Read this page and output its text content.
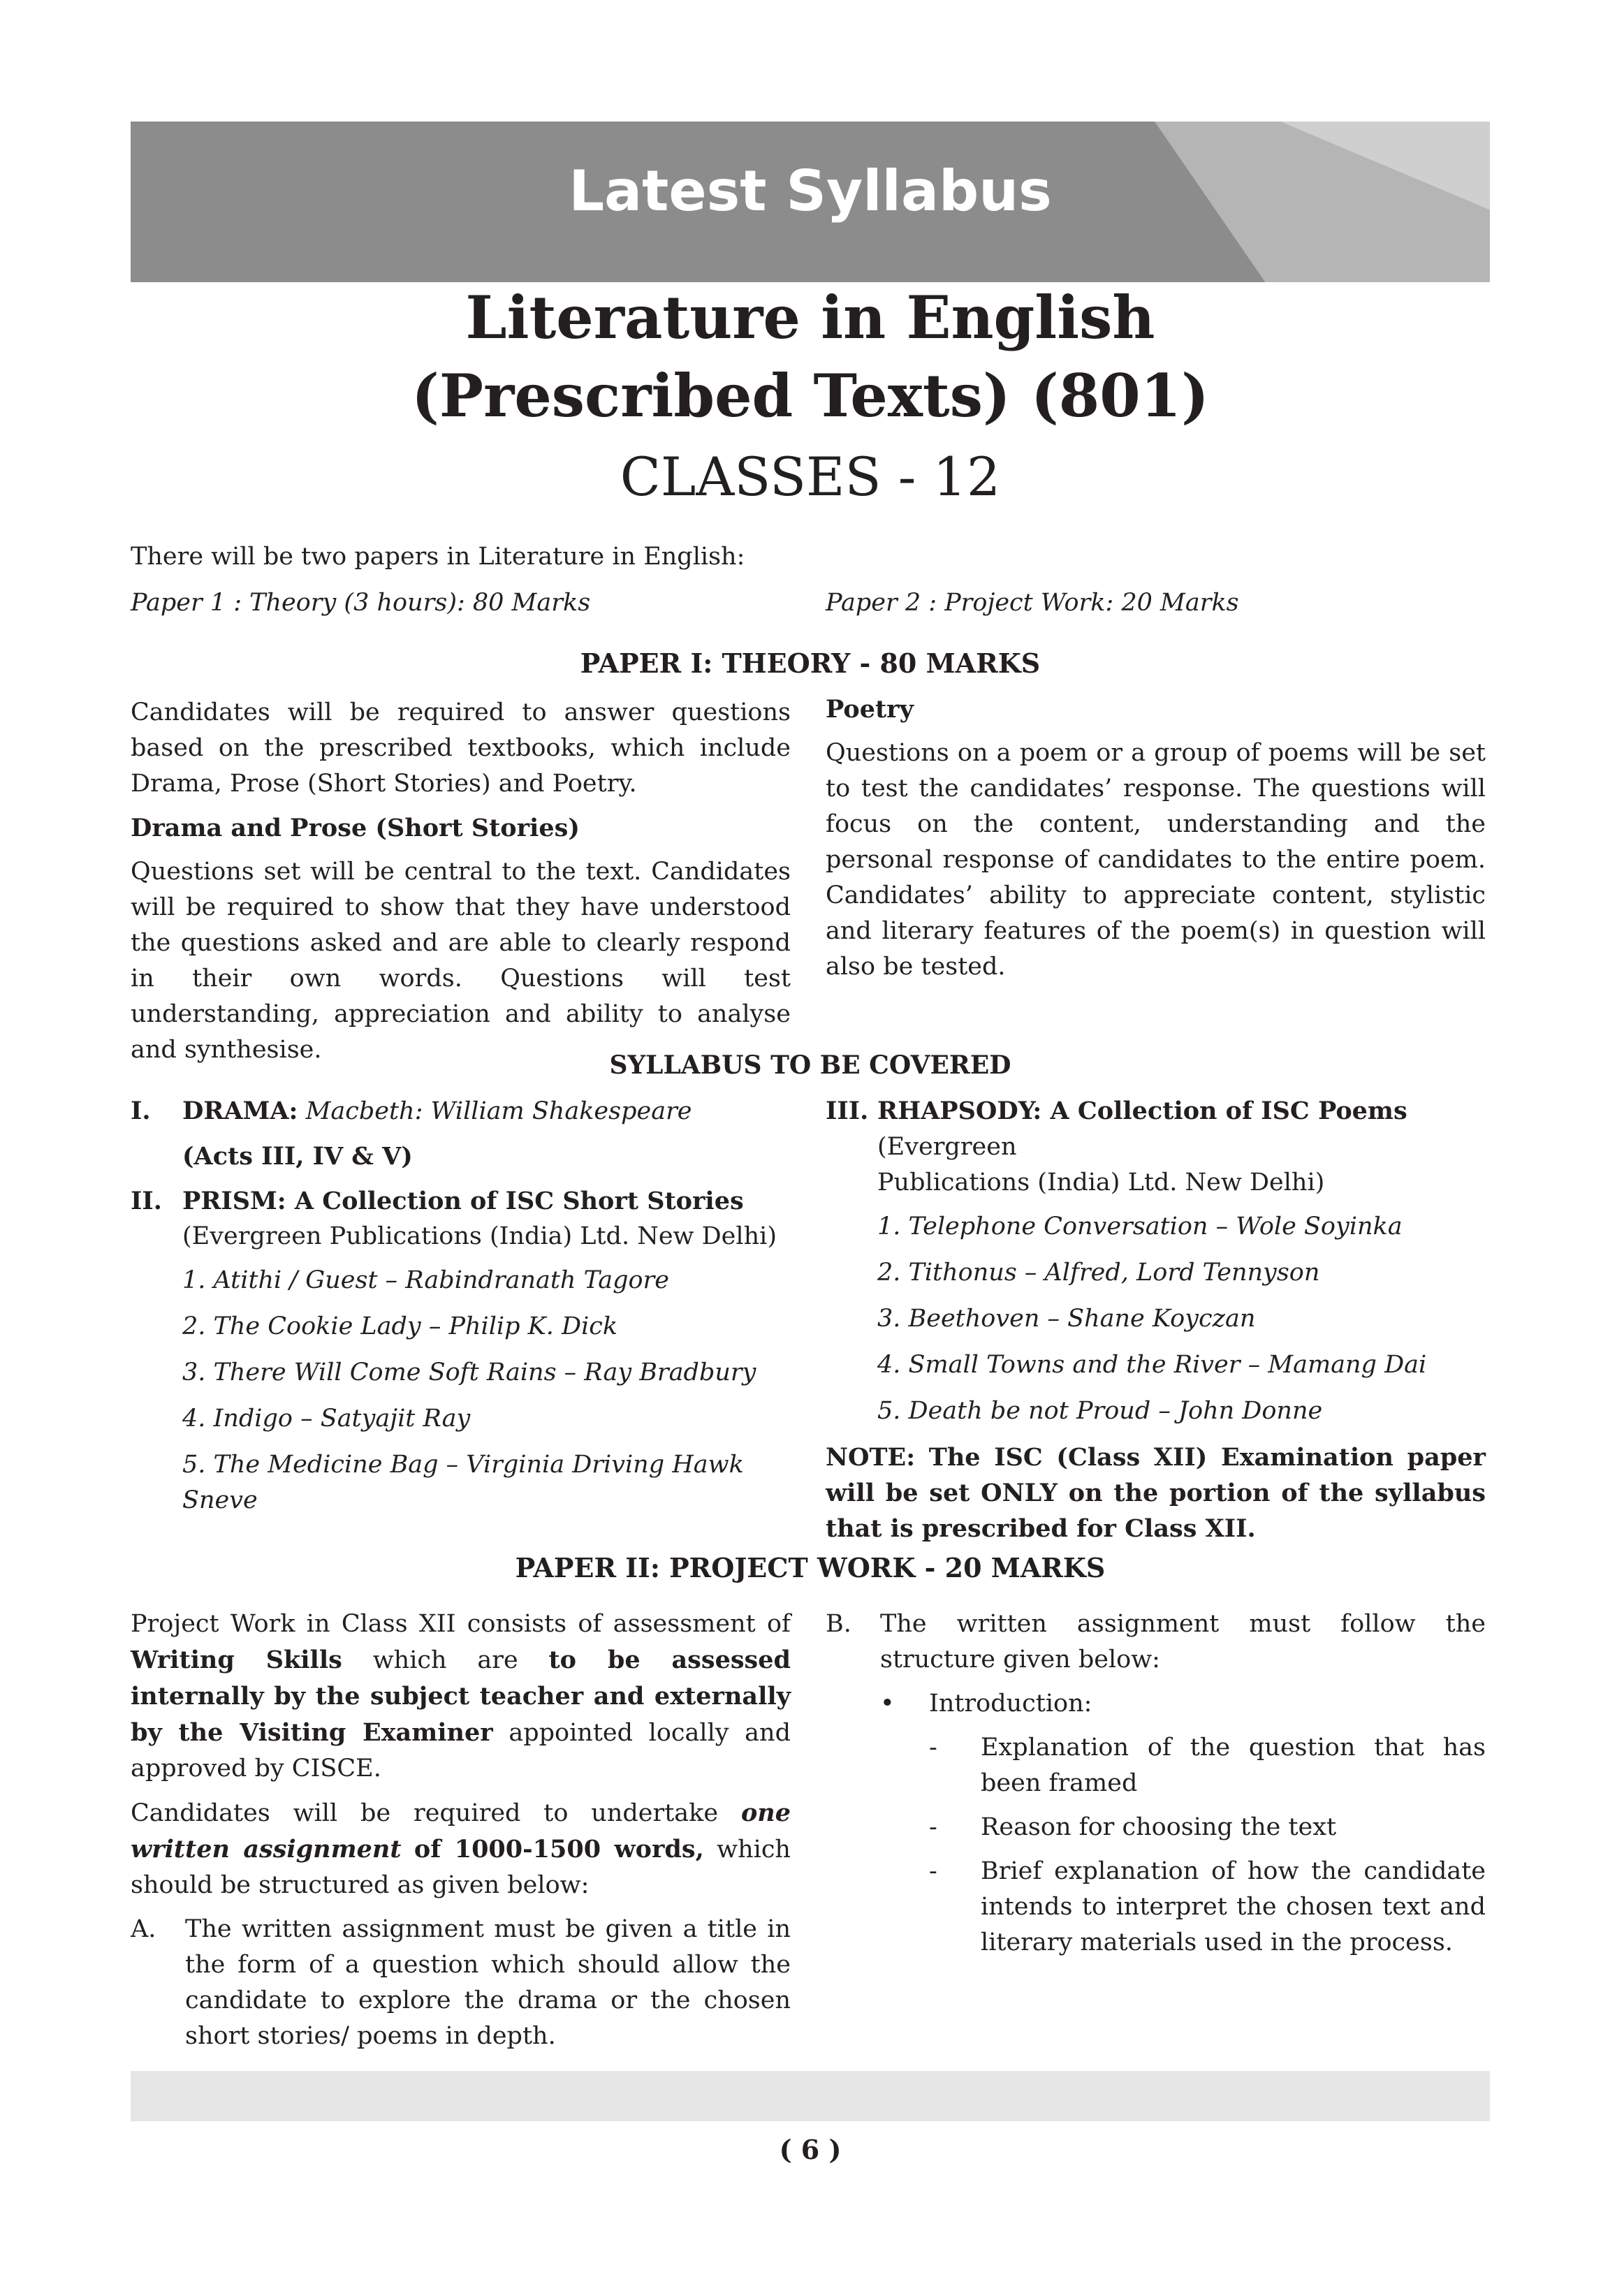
Latest Syllabus
Literature in English
(Prescribed Texts) (801)
CLASSES - 12
There will be two papers in Literature in English:
Paper 1 : Theory (3 hours): 80 Marks	Paper 2 : Project Work: 20 Marks
PAPER I: THEORY - 80 MARKS

Candidates will be required to answer questions based on the prescribed textbooks, which include Drama, Prose (Short Stories) and Poetry.

Drama and Prose (Short Stories)

Questions set will be central to the text. Candidates will be required to show that they have understood the questions asked and are able to clearly respond in their own words. Questions will test understanding, appreciation and ability to analyse and synthesise.

Poetry

Questions on a poem or a group of poems will be set to test the candidates’ response. The questions will focus on the content, understanding and the personal response of candidates to the entire poem. Candidates’ ability to appreciate content, stylistic and literary features of the poem(s) in question will also be tested.

SYLLABUS TO BE COVERED
I. DRAMA: Macbeth: William Shakespeare
(Acts III, IV & V)
II. PRISM: A Collection of ISC Short Stories
(Evergreen Publications (India) Ltd. New Delhi)
1. Atithi / Guest – Rabindranath Tagore
2. The Cookie Lady – Philip K. Dick
3. There Will Come Soft Rains – Ray Bradbury
4. Indigo – Satyajit Ray
5. The Medicine Bag – Virginia Driving Hawk Sneve
III. RHAPSODY: A Collection of ISC Poems (Evergreen
Publications (India) Ltd. New Delhi)
1. Telephone Conversation – Wole Soyinka
2. Tithonus – Alfred, Lord Tennyson
3. Beethoven – Shane Koyczan
4. Small Towns and the River – Mamang Dai
5. Death be not Proud – John Donne
NOTE: The ISC (Class XII) Examination paper will be set ONLY on the portion of the syllabus that is prescribed for Class XII.
PAPER II: PROJECT WORK - 20 MARKS

Project Work in Class XII consists of assessment of Writing Skills which are to be assessed internally by the subject teacher and externally by the Visiting Examiner appointed locally and approved by CISCE.

Candidates will be required to undertake one written assignment of 1000-1500 words, which should be structured as given below:

A. The written assignment must be given a title in the form of a question which should allow the candidate to explore the drama or the chosen short stories/ poems in depth.
B. The written assignment must follow the structure given below:
• Introduction:
- Explanation of the question that has been framed
- Reason for choosing the text
- Brief explanation of how the candidate intends to interpret the chosen text and literary materials used in the process.
( 6 )
